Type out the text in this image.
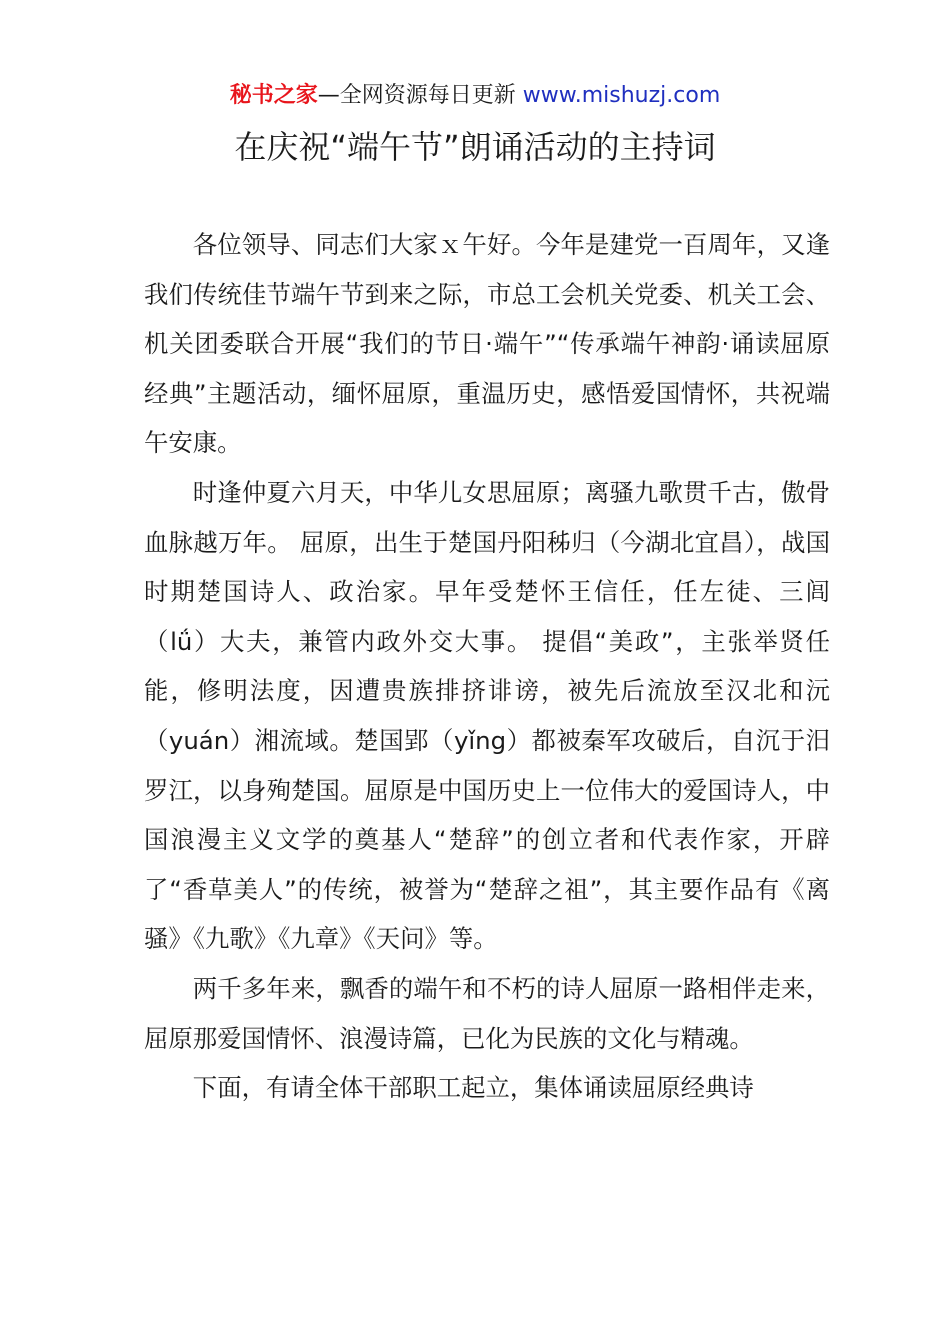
秘书之家—全网资源每日更新 www.mishuzj.com
在庆祝“端午节”朗诵活动的主持词

各位领导、同志们大家ｘ午好。今年是建党一百周年，又逢我们传统佳节端午节到来之际，市总工会机关党委、机关工会、机关团委联合开展“我们的节日·端午”“传承端午神韵·诵读屈原经典”主题活动，缅怀屈原，重温历史，感悟爱国情怀，共祝端午安康。

时逢仲夏六月天，中华儿女思屈原；离骚九歌贯千古，傲骨血脉越万年。 屈原，出生于楚国丹阳秭归（今湖北宜昌），战国时期楚国诗人、政治家。早年受楚怀王信任，任左徒、三闾（lǘ）大夫，兼管内政外交大事。 提倡“美政”，主张举贤任能，修明法度，因遭贵族排挤诽谤，被先后流放至汉北和沅（yuán）湘流域。楚国郢（yǐng）都被秦军攻破后，自沉于汨罗江，以身殉楚国。屈原是中国历史上一位伟大的爱国诗人，中国浪漫主义文学的奠基人“楚辞”的创立者和代表作家，开辟了“香草美人”的传统，被誉为“楚辞之祖”，其主要作品有《离骚》《九歌》《九章》《天问》等。

两千多年来，飘香的端午和不朽的诗人屈原一路相伴走来，屈原那爱国情怀、浪漫诗篇，已化为民族的文化与精魂。

下面，有请全体干部职工起立，集体诵读屈原经典诗
